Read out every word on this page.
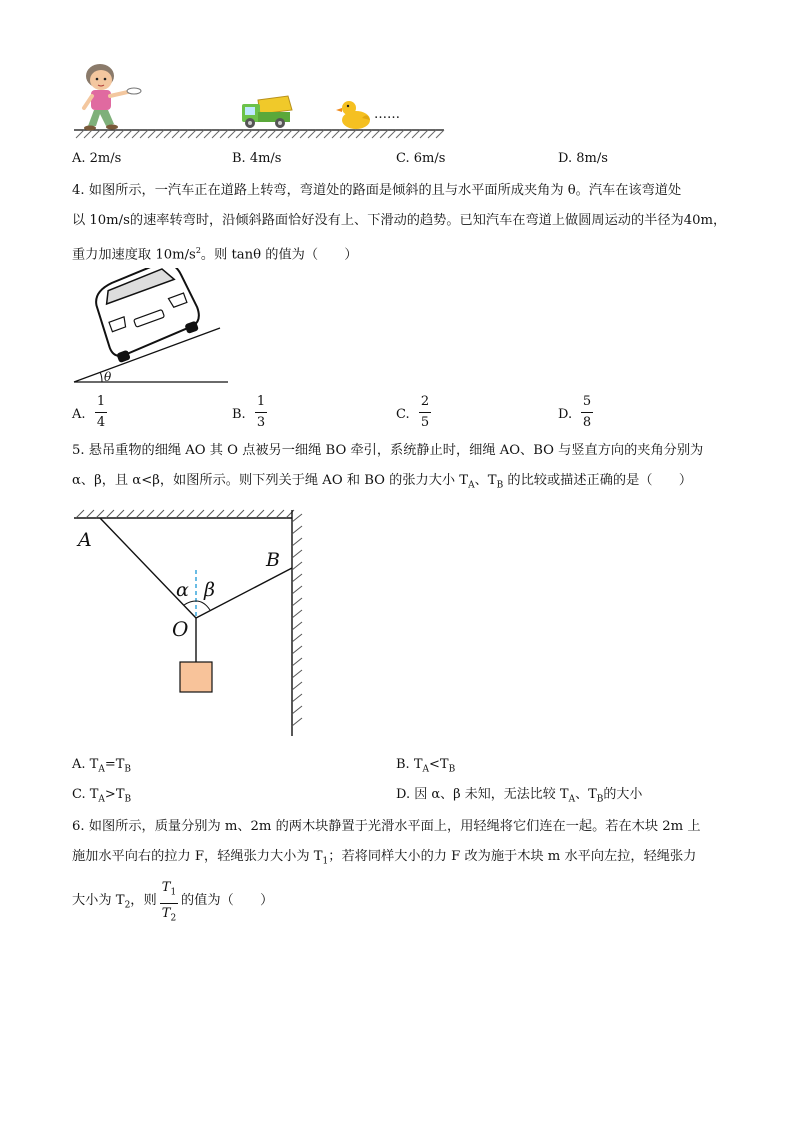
……
A. 2m/s	B. 4m/s	C. 6m/s	D. 8m/s
4. 如图所示，一汽车正在道路上转弯，弯道处的路面是倾斜的且与水平面所成夹角为 θ。汽车在该弯道处
以 10m/s的速率转弯时，沿倾斜路面恰好没有上、下滑动的趋势。已知汽车在弯道上做圆周运动的半径为40m，
重力加速度取 $10m/s^2$。则 tanθ 的值为（　　）
θ
A.
1
4
B.
1
3
C.
2
5
D.
5
8
5. 悬吊重物的细绳 AO 其 O 点被另一细绳 BO 牵引，系统静止时，细绳 AO、BO 与竖直方向的夹角分别为
α、β，且 α<β，如图所示。则下列关于绳 AO 和 BO 的张力大小 $T_A$、$T_B$ 的比较或描述正确的是（　　）
A
B
O
α β
A. $T_A=T_B$	B. $T_A<T_B$
C. $T_A>T_B$	D. 因 α、β 未知，无法比较 $T_A$、$T_B$的大小
6. 如图所示，质量分别为 m、2m 的两木块静置于光滑水平面上，用轻绳将它们连在一起。若在木块 2m 上
施加水平向右的拉力 F，轻绳张力大小为 $T_1$；若将同样大小的力 F 改为施于木块 m 水平向左拉，轻绳张力
大小为 $T_2$，则
$T_1$
$T_2$
的值为（　　）
